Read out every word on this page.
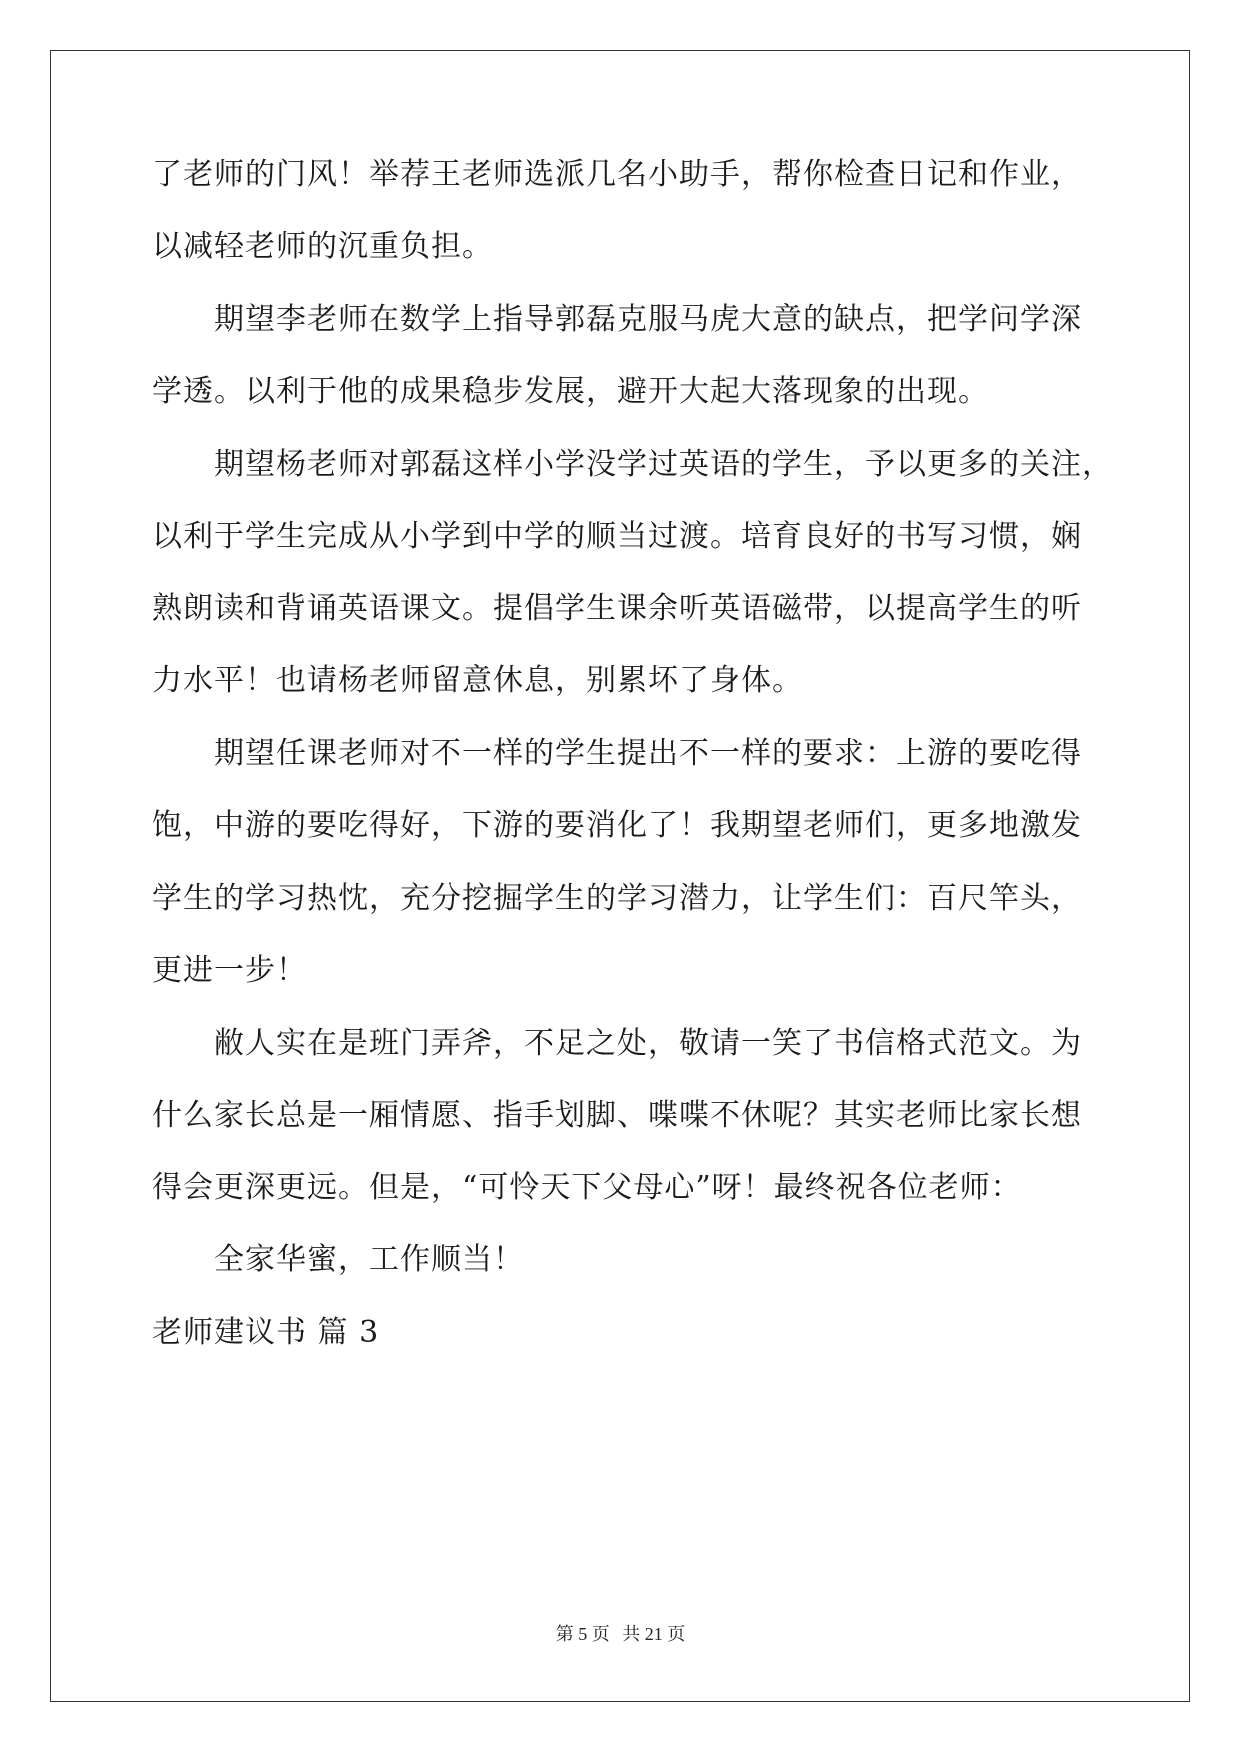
了老师的门风！举荐王老师选派几名小助手，帮你检查日记和作业，
以减轻老师的沉重负担。
期望李老师在数学上指导郭磊克服马虎大意的缺点，把学问学深
学透。以利于他的成果稳步发展，避开大起大落现象的出现。
期望杨老师对郭磊这样小学没学过英语的学生，予以更多的关注，
以利于学生完成从小学到中学的顺当过渡。培育良好的书写习惯，娴
熟朗读和背诵英语课文。提倡学生课余听英语磁带，以提高学生的听
力水平！也请杨老师留意休息，别累坏了身体。
期望任课老师对不一样的学生提出不一样的要求：上游的要吃得
饱，中游的要吃得好，下游的要消化了！我期望老师们，更多地激发
学生的学习热忱，充分挖掘学生的学习潜力，让学生们：百尺竿头，
更进一步！
敝人实在是班门弄斧，不足之处，敬请一笑了书信格式范文。为
什么家长总是一厢情愿、指手划脚、喋喋不休呢？其实老师比家长想
得会更深更远。但是，“可怜天下父母心”呀！最终祝各位老师：
全家华蜜，工作顺当！
老师建议书 篇 3
第 5 页 共 21 页
